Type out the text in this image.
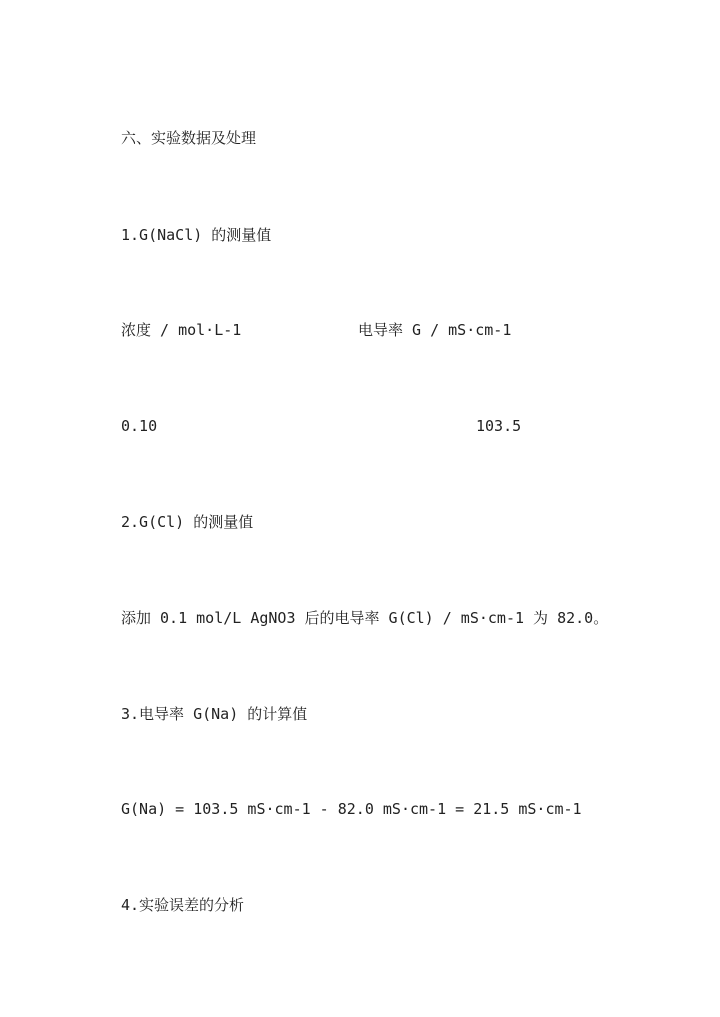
六、实验数据及处理
1.G(NaCl) 的测量值
浓度 / mol·L-1	电导率 G / mS·cm-1
0.10	103.5
2.G(Cl) 的测量值
添加 0.1 mol/L AgNO3 后的电导率 G(Cl) / mS·cm-1 为 82.0。
3.电导率 G(Na) 的计算值
G(Na) = 103.5 mS·cm-1 - 82.0 mS·cm-1 = 21.5 mS·cm-1
4.实验误差的分析
